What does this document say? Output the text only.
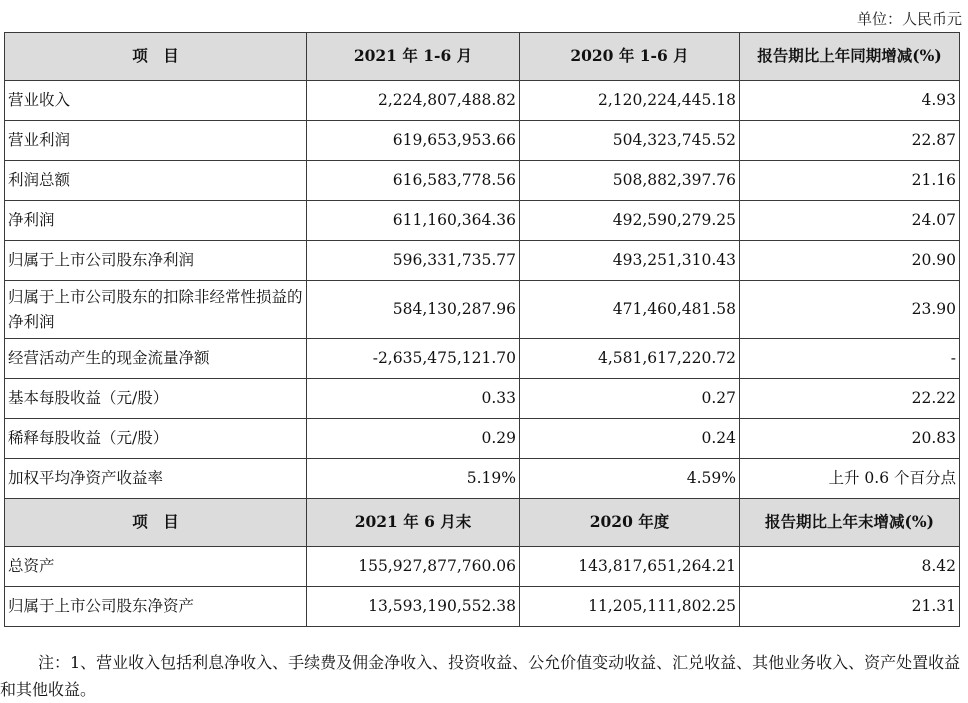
单位：人民币元
项　目	2021 年 1-6 月	2020 年 1-6 月	报告期比上年同期增减(%)
营业收入	2,224,807,488.82	2,120,224,445.18	4.93
营业利润	619,653,953.66	504,323,745.52	22.87
利润总额	616,583,778.56	508,882,397.76	21.16
净利润	611,160,364.36	492,590,279.25	24.07
归属于上市公司股东净利润	596,331,735.77	493,251,310.43	20.90
归属于上市公司股东的扣除非经常性损益的净利润	584,130,287.96	471,460,481.58	23.90
经营活动产生的现金流量净额	-2,635,475,121.70	4,581,617,220.72	-
基本每股收益（元/股）	0.33	0.27	22.22
稀释每股收益（元/股）	0.29	0.24	20.83
加权平均净资产收益率	5.19%	4.59%	上升 0.6 个百分点
项　目	2021 年 6 月末	2020 年度	报告期比上年末增减(%)
总资产	155,927,877,760.06	143,817,651,264.21	8.42
归属于上市公司股东净资产	13,593,190,552.38	11,205,111,802.25	21.31
注：1、营业收入包括利息净收入、手续费及佣金净收入、投资收益、公允价值变动收益、汇兑收益、其他业务收入、资产处置收益和其他收益。
